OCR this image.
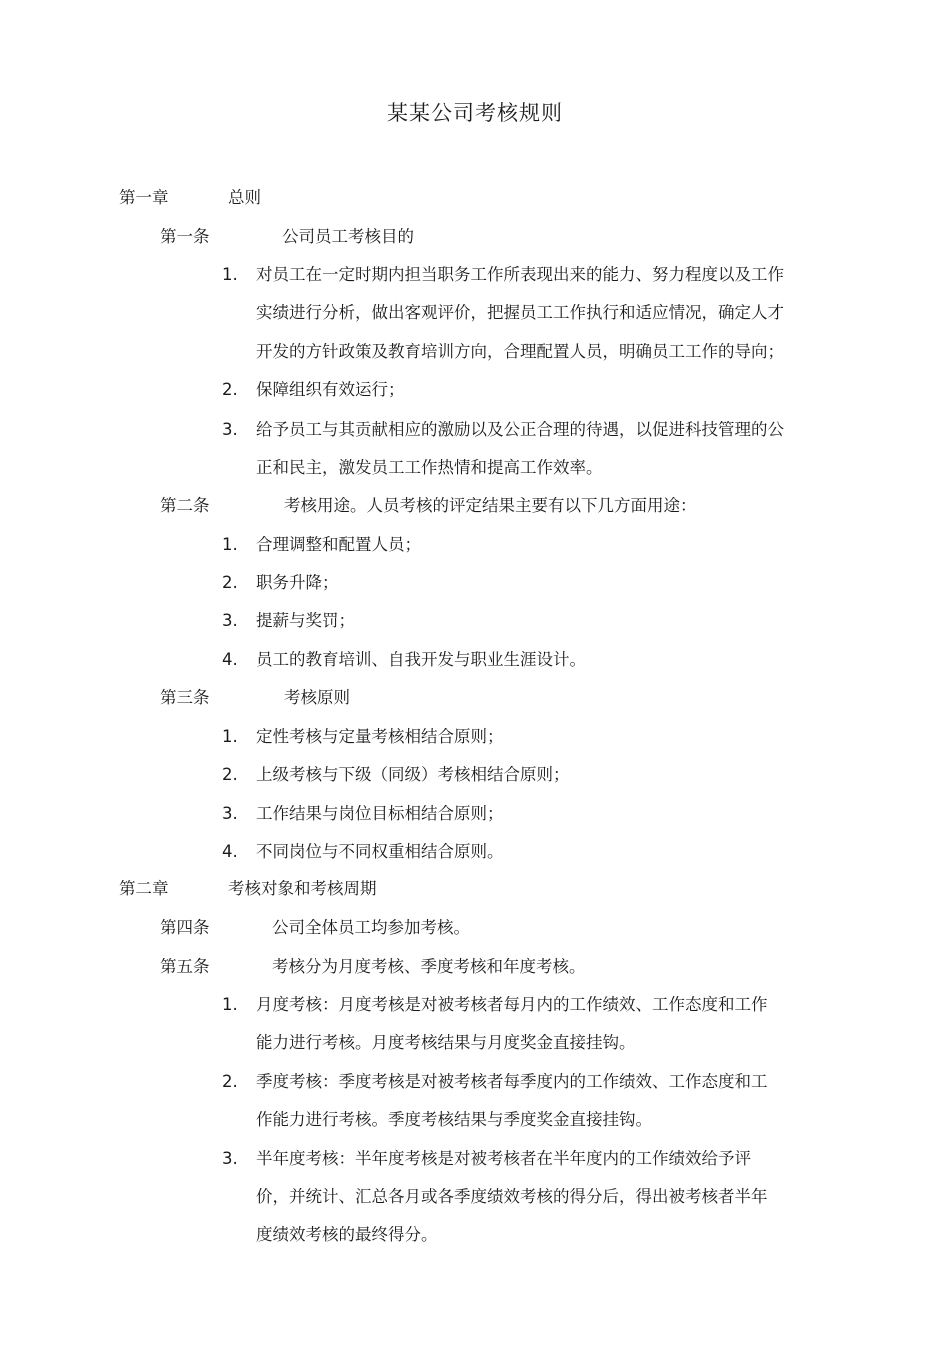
某某公司考核规则
第一章	总则
第一条	公司员工考核目的
1. 对员工在一定时期内担当职务工作所表现出来的能力、努力程度以及工作
实绩进行分析，做出客观评价，把握员工工作执行和适应情况，确定人才
开发的方针政策及教育培训方向，合理配置人员，明确员工工作的导向；
2. 保障组织有效运行；
3. 给予员工与其贡献相应的激励以及公正合理的待遇，以促进科技管理的公
正和民主，激发员工工作热情和提高工作效率。
第二条	考核用途。人员考核的评定结果主要有以下几方面用途：
1. 合理调整和配置人员；
2. 职务升降；
3. 提薪与奖罚；
4. 员工的教育培训、自我开发与职业生涯设计。
第三条	考核原则
1. 定性考核与定量考核相结合原则；
2. 上级考核与下级（同级）考核相结合原则；
3. 工作结果与岗位目标相结合原则；
4. 不同岗位与不同权重相结合原则。
第二章	考核对象和考核周期
第四条	公司全体员工均参加考核。
第五条	考核分为月度考核、季度考核和年度考核。
1. 月度考核：月度考核是对被考核者每月内的工作绩效、工作态度和工作
能力进行考核。月度考核结果与月度奖金直接挂钩。
2. 季度考核：季度考核是对被考核者每季度内的工作绩效、工作态度和工
作能力进行考核。季度考核结果与季度奖金直接挂钩。
3. 半年度考核：半年度考核是对被考核者在半年度内的工作绩效给予评
价，并统计、汇总各月或各季度绩效考核的得分后，得出被考核者半年
度绩效考核的最终得分。
